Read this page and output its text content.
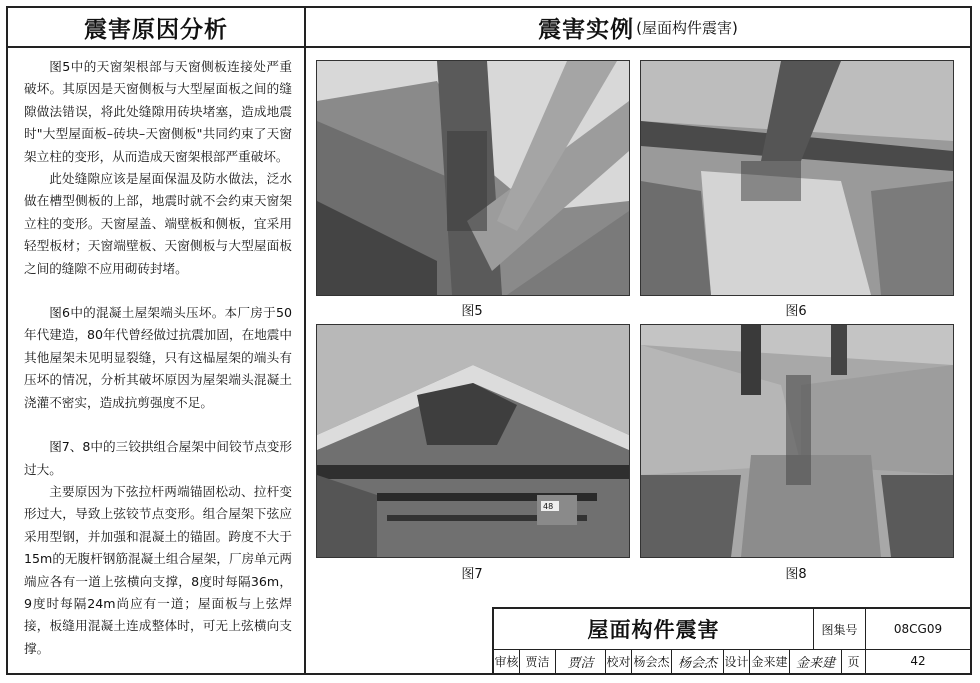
震害原因分析	震害实例 (屋面构件震害)

图5中的天窗架根部与天窗侧板连接处严重破坏。其原因是天窗侧板与大型屋面板之间的缝隙做法错误，将此处缝隙用砖块堵塞，造成地震时"大型屋面板–砖块–天窗侧板"共同约束了天窗架立柱的变形，从而造成天窗架根部严重破坏。

此处缝隙应该是屋面保温及防水做法，泛水做在槽型侧板的上部，地震时就不会约束天窗架立柱的变形。天窗屋盖、端壁板和侧板，宜采用轻型板材；天窗端壁板、天窗侧板与大型屋面板之间的缝隙不应用砌砖封堵。

图6中的混凝土屋架端头压坏。本厂房于50年代建造，80年代曾经做过抗震加固，在地震中其他屋架未见明显裂缝，只有这榀屋架的端头有压坏的情况，分析其破坏原因为屋架端头混凝土浇灌不密实，造成抗剪强度不足。

图7、8中的三铰拱组合屋架中间铰节点变形过大。

主要原因为下弦拉杆两端锚固松动、拉杆变形过大，导致上弦铰节点变形。组合屋架下弦应采用型钢，并加强和混凝土的锚固。跨度不大于15m的无腹杆钢筋混凝土组合屋架，厂房单元两端应各有一道上弦横向支撑，8度时每隔36m，9度时每隔24m尚应有一道；屋面板与上弦焊接，板缝用混凝土连成整体时，可无上弦横向支撑。

图5	图6
48
图7	图8
屋面构件震害	图集号	08CG09
审核 贾洁	贾洁	校对 杨会杰 杨会杰 设计 金来建 金来建	页	42
